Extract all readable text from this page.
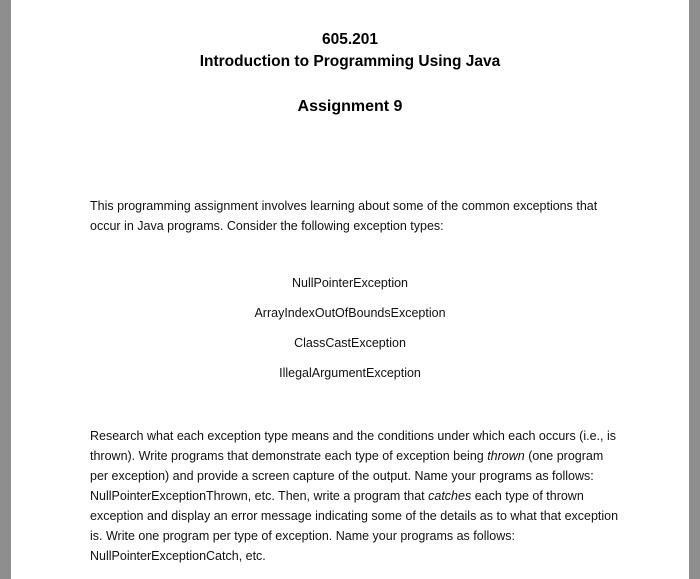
605.201
Introduction to Programming Using Java
Assignment 9

This programming assignment involves learning about some of the common exceptions that
occur in Java programs. Consider the following exception types:

NullPointerException
ArrayIndexOutOfBoundsException
ClassCastException
IllegalArgumentException

Research what each exception type means and the conditions under which each occurs (i.e., is
thrown). Write programs that demonstrate each type of exception being thrown (one program
per exception) and provide a screen capture of the output. Name your programs as follows:
NullPointerExceptionThrown, etc. Then, write a program that catches each type of thrown
exception and display an error message indicating some of the details as to what that exception
is. Write one program per type of exception. Name your programs as follows:
NullPointerExceptionCatch, etc.
